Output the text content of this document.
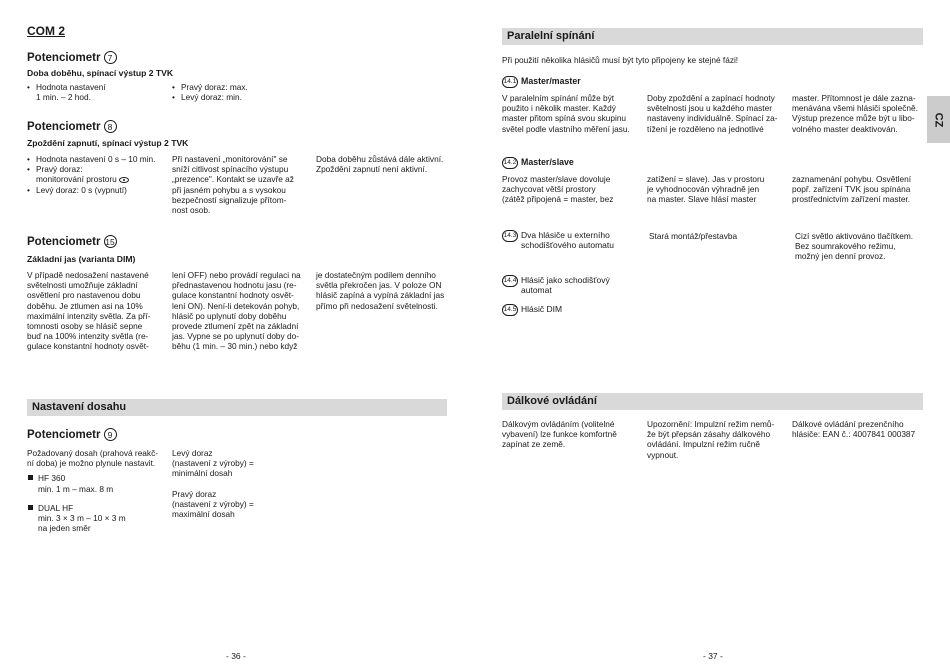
COM 2
Potenciometr 7
Doba doběhu, spínací výstup 2 TVK
• Hodnota nastavení
1 min. – 2 hod.
• Pravý doraz: max.
• Levý doraz: min.
Potenciometr 8
Zpoždění zapnutí, spínací výstup 2 TVK
• Hodnota nastavení 0 s – 10 min.
• Pravý doraz:
monitorování prostoru
• Levý doraz: 0 s (vypnutí)

Při nastavení „monitorování" se
sníží citlivost spínacího výstupu
„prezence". Kontakt se uzavře až
při jasném pohybu a s vysokou
bezpečností signalizuje přítom-
nost osob.

Doba doběhu zůstává dále aktivní.
Zpoždění zapnutí není aktivní.

Potenciometr 15
Základní jas (varianta DIM)

V případě nedosažení nastavené
světelnosti umožňuje základní
osvětlení pro nastavenou dobu
doběhu. Je ztlumen asi na 10%
maximální intenzity světla. Za pří-
tomnosti osoby se hlásič sepne
buď na 100% intenzity světla (re-
gulace konstantní hodnoty osvět-

lení OFF) nebo provádí regulaci na
přednastavenou hodnotu jasu (re-
gulace konstantní hodnoty osvět-
lení ON). Není-li detekován pohyb,
hlásič po uplynutí doby doběhu
provede ztlumení zpět na základní
jas. Vypne se po uplynutí doby do-
běhu (1 min. – 30 min.) nebo když

je dostatečným podílem denního
světla překročen jas. V poloze ON
hlásič zapíná a vypíná základní jas
přímo při nedosažení světelnosti.

Nastavení dosahu
Potenciometr 9

Požadovaný dosah (prahová reakč-
ní doba) je možno plynule nastavit.

HF 360
min. 1 m – max. 8 m
DUAL HF
min. 3 × 3 m – 10 × 3 m
na jeden směr

Levý doraz
(nastavení z výroby) =
minimální dosah

Pravý doraz
(nastavení z výroby) =
maximální dosah

- 36 -
Paralelní spínání
Při použití několika hlásičů musí být tyto připojeny ke stejné fázi!
14.1 Master/master

V paralelním spínání může být
použito i několik master. Každý
master přitom spíná svou skupinu
světel podle vlastního měření jasu.

Doby zpoždění a zapínací hodnoty
světelnosti jsou u každého master
nastaveny individuálně. Spínací za-
tížení je rozděleno na jednotlivé

master. Přítomnost je dále zazna-
menávána všemi hlásiči společně.
Výstup prezence může být u libo-
volného master deaktivován.

14.2 Master/slave

Provoz master/slave dovoluje
zachycovat větší prostory
(zátěž připojená = master, bez

zatížení = slave). Jas v prostoru
je vyhodnocován výhradně jen
na master. Slave hlásí master

zaznamenání pohybu. Osvětlení
popř. zařízení TVK jsou spínána
prostřednictvím zařízení master.

14.3 Dva hlásiče u externího
schodišťového automatu

Stará montáž/přestavba	Cizí světlo aktivováno tlačítkem.
Bez soumrakového režimu,
možný jen denní provoz.

14.4 Hlásič jako schodišťový
automat
14.5 Hlásič DIM
Dálkové ovládání

Dálkovým ovládáním (volitelné
vybavení) lze funkce komfortně
zapínat ze země.

Upozornění: Impulzní režim nemů-
že být přepsán zásahy dálkového
ovládání. Impulzní režim ručně
vypnout.

Dálkové ovládání prezenčního
hlásiče: EAN č.: 4007841 000387

CZ
- 37 -
